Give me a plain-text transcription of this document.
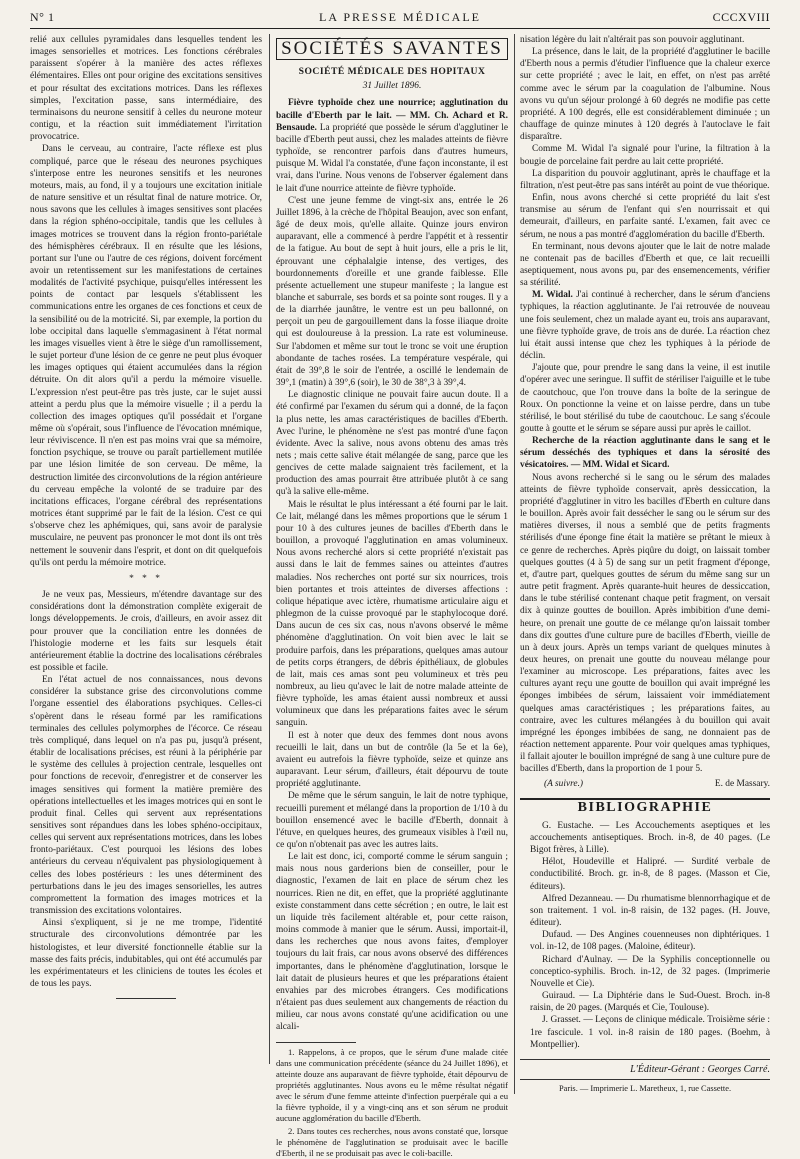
N° 1	LA PRESSE MÉDICALE	CCCXVIII

relié aux cellules pyramidales dans lesquelles tendent les images sensorielles et motrices. Les fonctions cérébrales paraissent s'opérer à la manière des actes réflexes élémentaires. Elles ont pour origine des excitations sensitives et pour résultat des excitations motrices. Dans les réflexes simples, l'excitation passe, sans intermédiaire, des terminaisons du neurone sensitif à celles du neurone moteur contigu, et la réaction suit immédiatement l'irritation provocatrice.

Dans le cerveau, au contraire, l'acte réflexe est plus compliqué, parce que le réseau des neurones psychiques s'interpose entre les neurones sensitifs et les neurones moteurs, mais, au fond, il y a toujours une excitation initiale de nature sensitive et un résultat final de nature motrice. Or, nous savons que les cellules à images sensitives sont placées dans la région sphéno-occipitale, tandis que les cellules à images motrices se trouvent dans la région fronto-pariétale des hémisphères cérébraux. Il en résulte que les lésions, portant sur l'une ou l'autre de ces régions, doivent forcément avoir un retentissement sur les manifestations de certaines modalités de l'activité psychique, puisqu'elles intéressent les points de contact par lesquels s'établissent les communications entre les organes de ces fonctions et ceux de la sensibilité ou de la motricité. Si, par exemple, la portion du lobe occipital dans laquelle s'emmagasinent à l'état normal les images visuelles vient à être le siège d'un ramollissement, le sujet porteur d'une lésion de ce genre ne peut plus évoquer les images optiques qui étaient accumulées dans la région détruite. On dit alors qu'il a perdu la mémoire visuelle. L'expression n'est peut-être pas très juste, car le sujet aussi atteint a perdu plus que la mémoire visuelle ; il a perdu la collection des images optiques qu'il possédait et l'organe même où s'opérait, sous l'influence de l'évocation mnémique, leur réviviscence. Il n'en est pas moins vrai que sa mémoire, fonction psychique, se trouve ou paraît partiellement mutilée par une lésion limitée de son cerveau. De même, la destruction limitée des circonvolutions de la région antérieure du cerveau empêche la volonté de se traduire par des incitations efficaces, l'organe cérébral des représentations motrices étant supprimé par le fait de la lésion. C'est ce qui s'observe chez les aphémiques, qui, sans avoir de paralysie musculaire, ne peuvent pas prononcer le mot dont ils ont très nettement le souvenir dans l'esprit, et dont on dit quelquefois qu'ils ont perdu la mémoire motrice.

* * *

Je ne veux pas, Messieurs, m'étendre davantage sur des considérations dont la démonstration complète exigerait de longs développements. Je crois, d'ailleurs, en avoir assez dit pour prouver que la conciliation entre les données de l'histologie moderne et les faits sur lesquels était antérieurement établie la doctrine des localisations cérébrales est possible et facile.

En l'état actuel de nos connaissances, nous devons considérer la substance grise des circonvolutions comme l'organe essentiel des élaborations psychiques. Celles-ci s'opèrent dans le réseau formé par les ramifications terminales des cellules polymorphes de l'écorce. Ce réseau très compliqué, dans lequel on n'a pas pu, jusqu'à présent, établir de localisations précises, est réuni à la périphérie par le système des cellules à projection centrale, lesquelles ont pour fonctions de recevoir, d'enregistrer et de conserver les images sensitives qui forment la matière première des opérations intellectuelles et les images motrices qui en sont le produit final. Celles qui servent aux représentations sensitives sont répandues dans les lobes sphéno-occipitaux, celles qui servent aux représentations motrices, dans les lobes fronto-pariétaux. C'est pourquoi les lésions des lobes antérieurs du cerveau n'équivalent pas physiologiquement à celles des lobes postérieurs : les unes déterminent des perturbations dans le jeu des images sensorielles, les autres compromettent la formation des images motrices et la transmission des excitations volontaires.

Ainsi s'expliquent, si je ne me trompe, l'identité structurale des circonvolutions démontrée par les histologistes, et leur diversité fonctionnelle établie sur la masse des faits précis, indubitables, qui ont été accumulés par les expérimentateurs et les cliniciens de toutes les écoles et de tous les pays.

SOCIÉTÉS SAVANTES
SOCIÉTÉ MÉDICALE DES HOPITAUX
31 Juillet 1896.

Fièvre typhoïde chez une nourrice; agglutination du bacille d'Eberth par le lait. — MM. Ch. Achard et R. Bensaude. La propriété que possède le sérum d'agglutiner le bacille d'Eberth peut aussi, chez les malades atteints de fièvre typhoïde, se rencontrer parfois dans d'autres humeurs, puisque M. Widal l'a constatée, d'une façon inconstante, il est vrai, dans l'urine. Nous venons de l'observer également dans le lait d'une nourrice atteinte de fièvre typhoïde.

C'est une jeune femme de vingt-six ans, entrée le 26 Juillet 1896, à la crèche de l'hôpital Beaujon, avec son enfant, âgé de deux mois, qu'elle allaite. Quinze jours environ auparavant, elle a commencé à perdre l'appétit et à ressentir de la fatigue. Au bout de sept à huit jours, elle a pris le lit, éprouvant une céphalalgie intense, des vertiges, des bourdonnements d'oreille et une grande faiblesse. Elle présente actuellement une stupeur manifeste ; la langue est blanche et saburrale, ses bords et sa pointe sont rouges. Il y a de la diarrhée jaunâtre, le ventre est un peu ballonné, on perçoit un peu de gargouillement dans la fosse iliaque droite qui est douloureuse à la pression. La rate est volumineuse. Sur l'abdomen et même sur tout le tronc se voit une éruption abondante de taches rosées. La température vespérale, qui était de 39°,8 le soir de l'entrée, a oscillé le lendemain de 39°,1 (matin) à 39°,6 (soir), le 30 de 38°,3 à 39°,4.

Le diagnostic clinique ne pouvait faire aucun doute. Il a été confirmé par l'examen du sérum qui a donné, de la façon la plus nette, les amas caractéristiques de bacilles d'Eberth. Avec l'urine, le phénomène ne s'est pas montré d'une façon évidente. Avec la salive, nous avons obtenu des amas très nets ; mais cette salive était mélangée de sang, parce que les gencives de cette malade saignaient très facilement, et la production des amas pourrait être attribuée plutôt à ce sang qu'à la salive elle-même.

Mais le résultat le plus intéressant a été fourni par le lait. Ce lait, mélangé dans les mêmes proportions que le sérum 1 pour 10 à des cultures jeunes de bacilles d'Eberth dans le bouillon, a provoqué l'agglutination en amas volumineux. Nous avons recherché alors si cette propriété n'existait pas aussi dans le lait de femmes saines ou atteintes d'autres maladies. Nos recherches ont porté sur six nourrices, trois bien portantes et trois atteintes de diverses affections : colique hépatique avec ictère, rhumatisme articulaire aigu et phlegmon de la cuisse provoqué par le staphylocoque doré. Dans aucun de ces six cas, nous n'avons observé le même phénomène d'agglutination. On voit bien avec le lait se produire parfois, dans les préparations, quelques amas autour de petits corps étrangers, de débris épithéliaux, de globules de lait, mais ces amas sont peu volumineux et très peu nombreux, au lieu qu'avec le lait de notre malade atteinte de fièvre typhoïde, les amas étaient aussi nombreux et aussi volumineux que dans les préparations faites avec le sérum sanguin.

Il est à noter que deux des femmes dont nous avons recueilli le lait, dans un but de contrôle (la 5e et la 6e), avaient eu autrefois la fièvre typhoïde, seize et quinze ans auparavant. Leur sérum, d'ailleurs, était dépourvu de toute propriété agglutinante.

De même que le sérum sanguin, le lait de notre typhique, recueilli purement et mélangé dans la proportion de 1/10 à du bouillon ensemencé avec le bacille d'Eberth, donnait à l'étuve, en quelques heures, des grumeaux visibles à l'œil nu, ce qu'on n'obtenait pas avec les autres laits.

Le lait est donc, ici, comporté comme le sérum sanguin ; mais nous nous garderions bien de conseiller, pour le diagnostic, l'examen de lait en place de sérum chez les nourrices. Rien ne dit, en effet, que la propriété agglutinante existe constamment dans cette sécrétion ; en outre, le lait est un liquide très facilement altérable et, pour cette raison, moins commode à manier que le sérum. Aussi, importait-il, dans les recherches que nous avons faites, d'employer toujours du lait frais, car nous avons observé des différences importantes, dans le phénomène d'agglutination, lorsque le lait datait de plusieurs heures et que les préparations étaient envahies par des microbes étrangers. Ces modifications n'étaient pas dues seulement aux changements de réaction du milieu, car nous avons constaté qu'une acidification ou une alcali-

1. Rappelons, à ce propos, que le sérum d'une malade citée dans une communication précédente (séance du 24 Juillet 1896), et atteinte douze ans auparavant de fièvre typhoïde, était dépourvu de propriétés agglutinantes. Nous avons eu le même résultat négatif avec le sérum d'une femme atteinte d'infection puerpérale qui a eu la fièvre typhoïde, il y a vingt-cinq ans et son sérum ne produit aucune agglomération du bacille d'Eberth.

2. Dans toutes ces recherches, nous avons constaté que, lorsque le phénomène de l'agglutination se produisait avec le bacille d'Eberth, il ne se produisait pas avec le coli-bacille.

nisation légère du lait n'altérait pas son pouvoir agglutinant.

La présence, dans le lait, de la propriété d'agglutiner le bacille d'Eberth nous a permis d'étudier l'influence que la chaleur exerce sur cette propriété ; avec le lait, en effet, on n'est pas arrêté comme avec le sérum par la coagulation de l'albumine. Nous avons vu qu'un séjour prolongé à 60 degrés ne modifie pas cette propriété. A 100 degrés, elle est considérablement diminuée ; un chauffage de quinze minutes à 120 degrés à l'autoclave le fait disparaître.

Comme M. Widal l'a signalé pour l'urine, la filtration à la bougie de porcelaine fait perdre au lait cette propriété.

La disparition du pouvoir agglutinant, après le chauffage et la filtration, n'est peut-être pas sans intérêt au point de vue théorique.

Enfin, nous avons cherché si cette propriété du lait s'est transmise au sérum de l'enfant qui s'en nourrissait et qui demeurait, d'ailleurs, en parfaite santé. L'examen, fait avec ce sérum, ne nous a pas montré d'agglomération du bacille d'Eberth.

En terminant, nous devons ajouter que le lait de notre malade ne contenait pas de bacilles d'Eberth et que, ce lait recueilli aseptiquement, nous avons pu, par des ensemencements, vérifier sa stérilité.

M. Widal. J'ai continué à rechercher, dans le sérum d'anciens typhiques, la réaction agglutinante. Je l'ai retrouvée de nouveau une fois seulement, chez un malade ayant eu, trois ans auparavant, une fièvre typhoïde grave, de trois ans de durée. La réaction chez lui était aussi intense que chez les typhiques à la période de déclin.

J'ajoute que, pour prendre le sang dans la veine, il est inutile d'opérer avec une seringue. Il suffit de stériliser l'aiguille et le tube de caoutchouc, que l'on trouve dans la boîte de la seringue de Roux. On ponctionne la veine et on laisse perdre, dans un tube stérilisé, le bout stérilisé du tube de caoutchouc. Le sang s'écoule goutte à goutte et le sérum se sépare aussi pur après le caillot.

Recherche de la réaction agglutinante dans le sang et le sérum desséchés des typhiques et dans la sérosité des vésicatoires. — MM. Widal et Sicard.

Nous avons recherché si le sang ou le sérum des malades atteints de fièvre typhoïde conservait, après dessiccation, la propriété d'agglutiner in vitro les bacilles d'Eberth en culture dans le bouillon. Après avoir fait dessécher le sang ou le sérum sur des matières diverses, il nous a semblé que de petits fragments stérilisés d'une éponge fine était la matière se prêtant le mieux à ce genre de recherches. Après piqûre du doigt, on laissait tomber quelques gouttes (4 à 5) de sang sur un petit fragment d'éponge, et, d'autre part, quelques gouttes de sérum du même sang sur un autre petit fragment. Après quarante-huit heures de dessiccation, dans le tube stérilisé contenant chaque petit fragment, on versait dix à quinze gouttes de bouillon. Après imbibition d'une demi-heure, on prenait une goutte de ce mélange qu'on laissait tomber dans dix gouttes d'une culture pure de bacilles d'Eberth, vieille de un à deux jours. Après un temps variant de quelques minutes à deux heures, on prenait une goutte du nouveau mélange pour l'examiner au microscope. Les préparations, faites avec les cultures ayant reçu une goutte de bouillon qui avait imprégné les éponges imbibées de sérum, laissaient voir immédiatement quelques amas caractéristiques ; les préparations faites, au contraire, avec les cultures mélangées à du bouillon qui avait imprégné les éponges imbibées de sang, ne donnaient pas de réaction nettement apparente. Pour voir quelques amas typhiques, il fallait ajouter le bouillon imprégné de sang à une culture pure de bacilles d'Eberth, dans la proportion de 1 pour 5.

(A suivre.)	E. de Massary.
BIBLIOGRAPHIE

G. Eustache. — Les Accouchements aseptiques et les accouchements antiseptiques. Broch. in-8, de 40 pages. (Le Bigot frères, à Lille).

Hélot, Houdeville et Halipré. — Surdité verbale de conductibilité. Broch. gr. in-8, de 8 pages. (Masson et Cie, éditeurs).

Alfred Dezanneau. — Du rhumatisme blennorrhagique et de son traitement. 1 vol. in-8 raisin, de 132 pages. (H. Jouve, éditeur).

Dufaud. — Des Angines couenneuses non diphtériques. 1 vol. in-12, de 108 pages. (Maloine, éditeur).

Richard d'Aulnay. — De la Syphilis conceptionnelle ou conceptico-syphilis. Broch. in-12, de 32 pages. (Imprimerie Nouvelle et Cie).

Guiraud. — La Diphtérie dans le Sud-Ouest. Broch. in-8 raisin, de 20 pages. (Marqués et Cie, Toulouse).

J. Grasset. — Leçons de clinique médicale. Troisième série : 1re fascicule. 1 vol. in-8 raisin de 180 pages. (Boehm, à Montpellier).

L'Éditeur-Gérant : Georges Carré.
Paris. — Imprimerie L. Maretheux, 1, rue Cassette.
